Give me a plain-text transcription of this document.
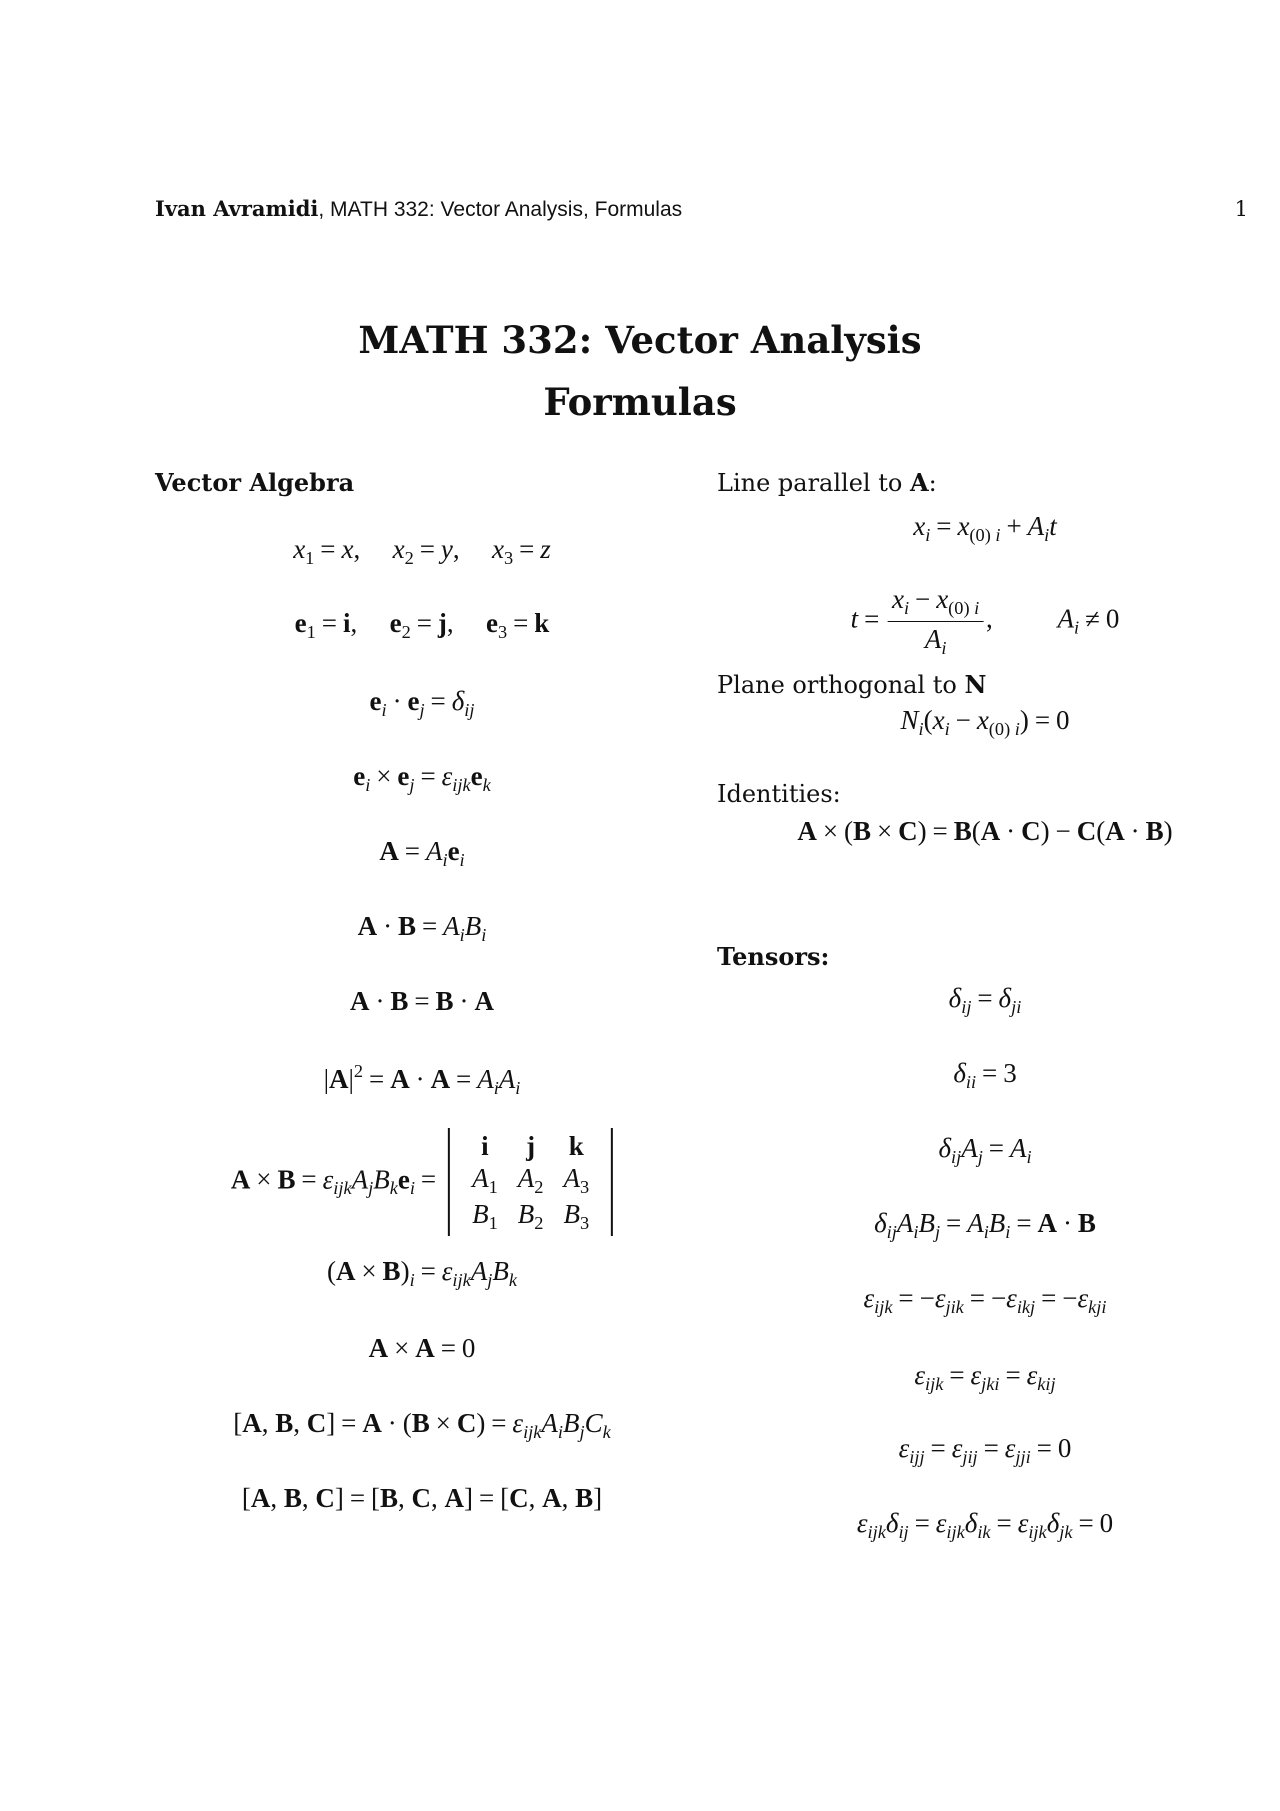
Ivan Avramidi, MATH 332: Vector Analysis, Formulas	1
MATH 332: Vector Analysis
Formulas
Vector Algebra	Line parallel to A:
Plane orthogonal to N
Identities:
Tensors:
$x_1 = x$, $x_2 = y$, $x_3 = z$
$e_1 = i$, $e_2 = j$, $e_3 = k$
$e_i \cdot e_j = \delta_{ij}$
$e_i \times e_j = \varepsilon_{ijk}e_k$
$A = A_ie_i$
$A \cdot B = A_iB_i$
A · B = B · A
$|A|^2 = A \cdot A = A_iA_i$
$A \times B = \varepsilon_{ijk}A_jB_ke_i$ =
i	j	k
$A_1$	$A_2$	$A_3$
$B_1$	$B_2$	$B_3$
$(A \times B)_i = \varepsilon_{ijk}A_jB_k$
A × A = 0
[A, B, $C] = A \cdot (B \times C) = \varepsilon_{ijk}A_iB_jC_k$
[A, B, C] = [B, C, A] = [C, A, B]
$x_i = x_{(0)}$ $_i + A_it$
$t = \frac{x_i - x_{(0)} _i}{A_i}$ , $A_i \ne 0$
$N_i(x_i - x_{(0)}$ $_i$) = 0
A × (B × C) = B(A · C) − C(A · B)
$\delta_{ij} = \delta_{ji}$
$\delta_{ii} = 3$
$\delta_{ij}A_j = A_i$
$\delta_{ij}A_iB_j = A_iB_i = A \cdot B$
$\varepsilon_{ijk} = -\varepsilon_{jik} = -\varepsilon_{ikj} = -\varepsilon_{kji}$
$\varepsilon_{ijk} = \varepsilon_{jki} = \varepsilon_{kij}$
$\varepsilon_{ijj} = \varepsilon_{jij} = \varepsilon_{jji} = 0$
$\varepsilon_{ijk}\delta_{ij} = \varepsilon_{ijk}\delta_{ik} = \varepsilon_{ijk}\delta_{jk} = 0$
